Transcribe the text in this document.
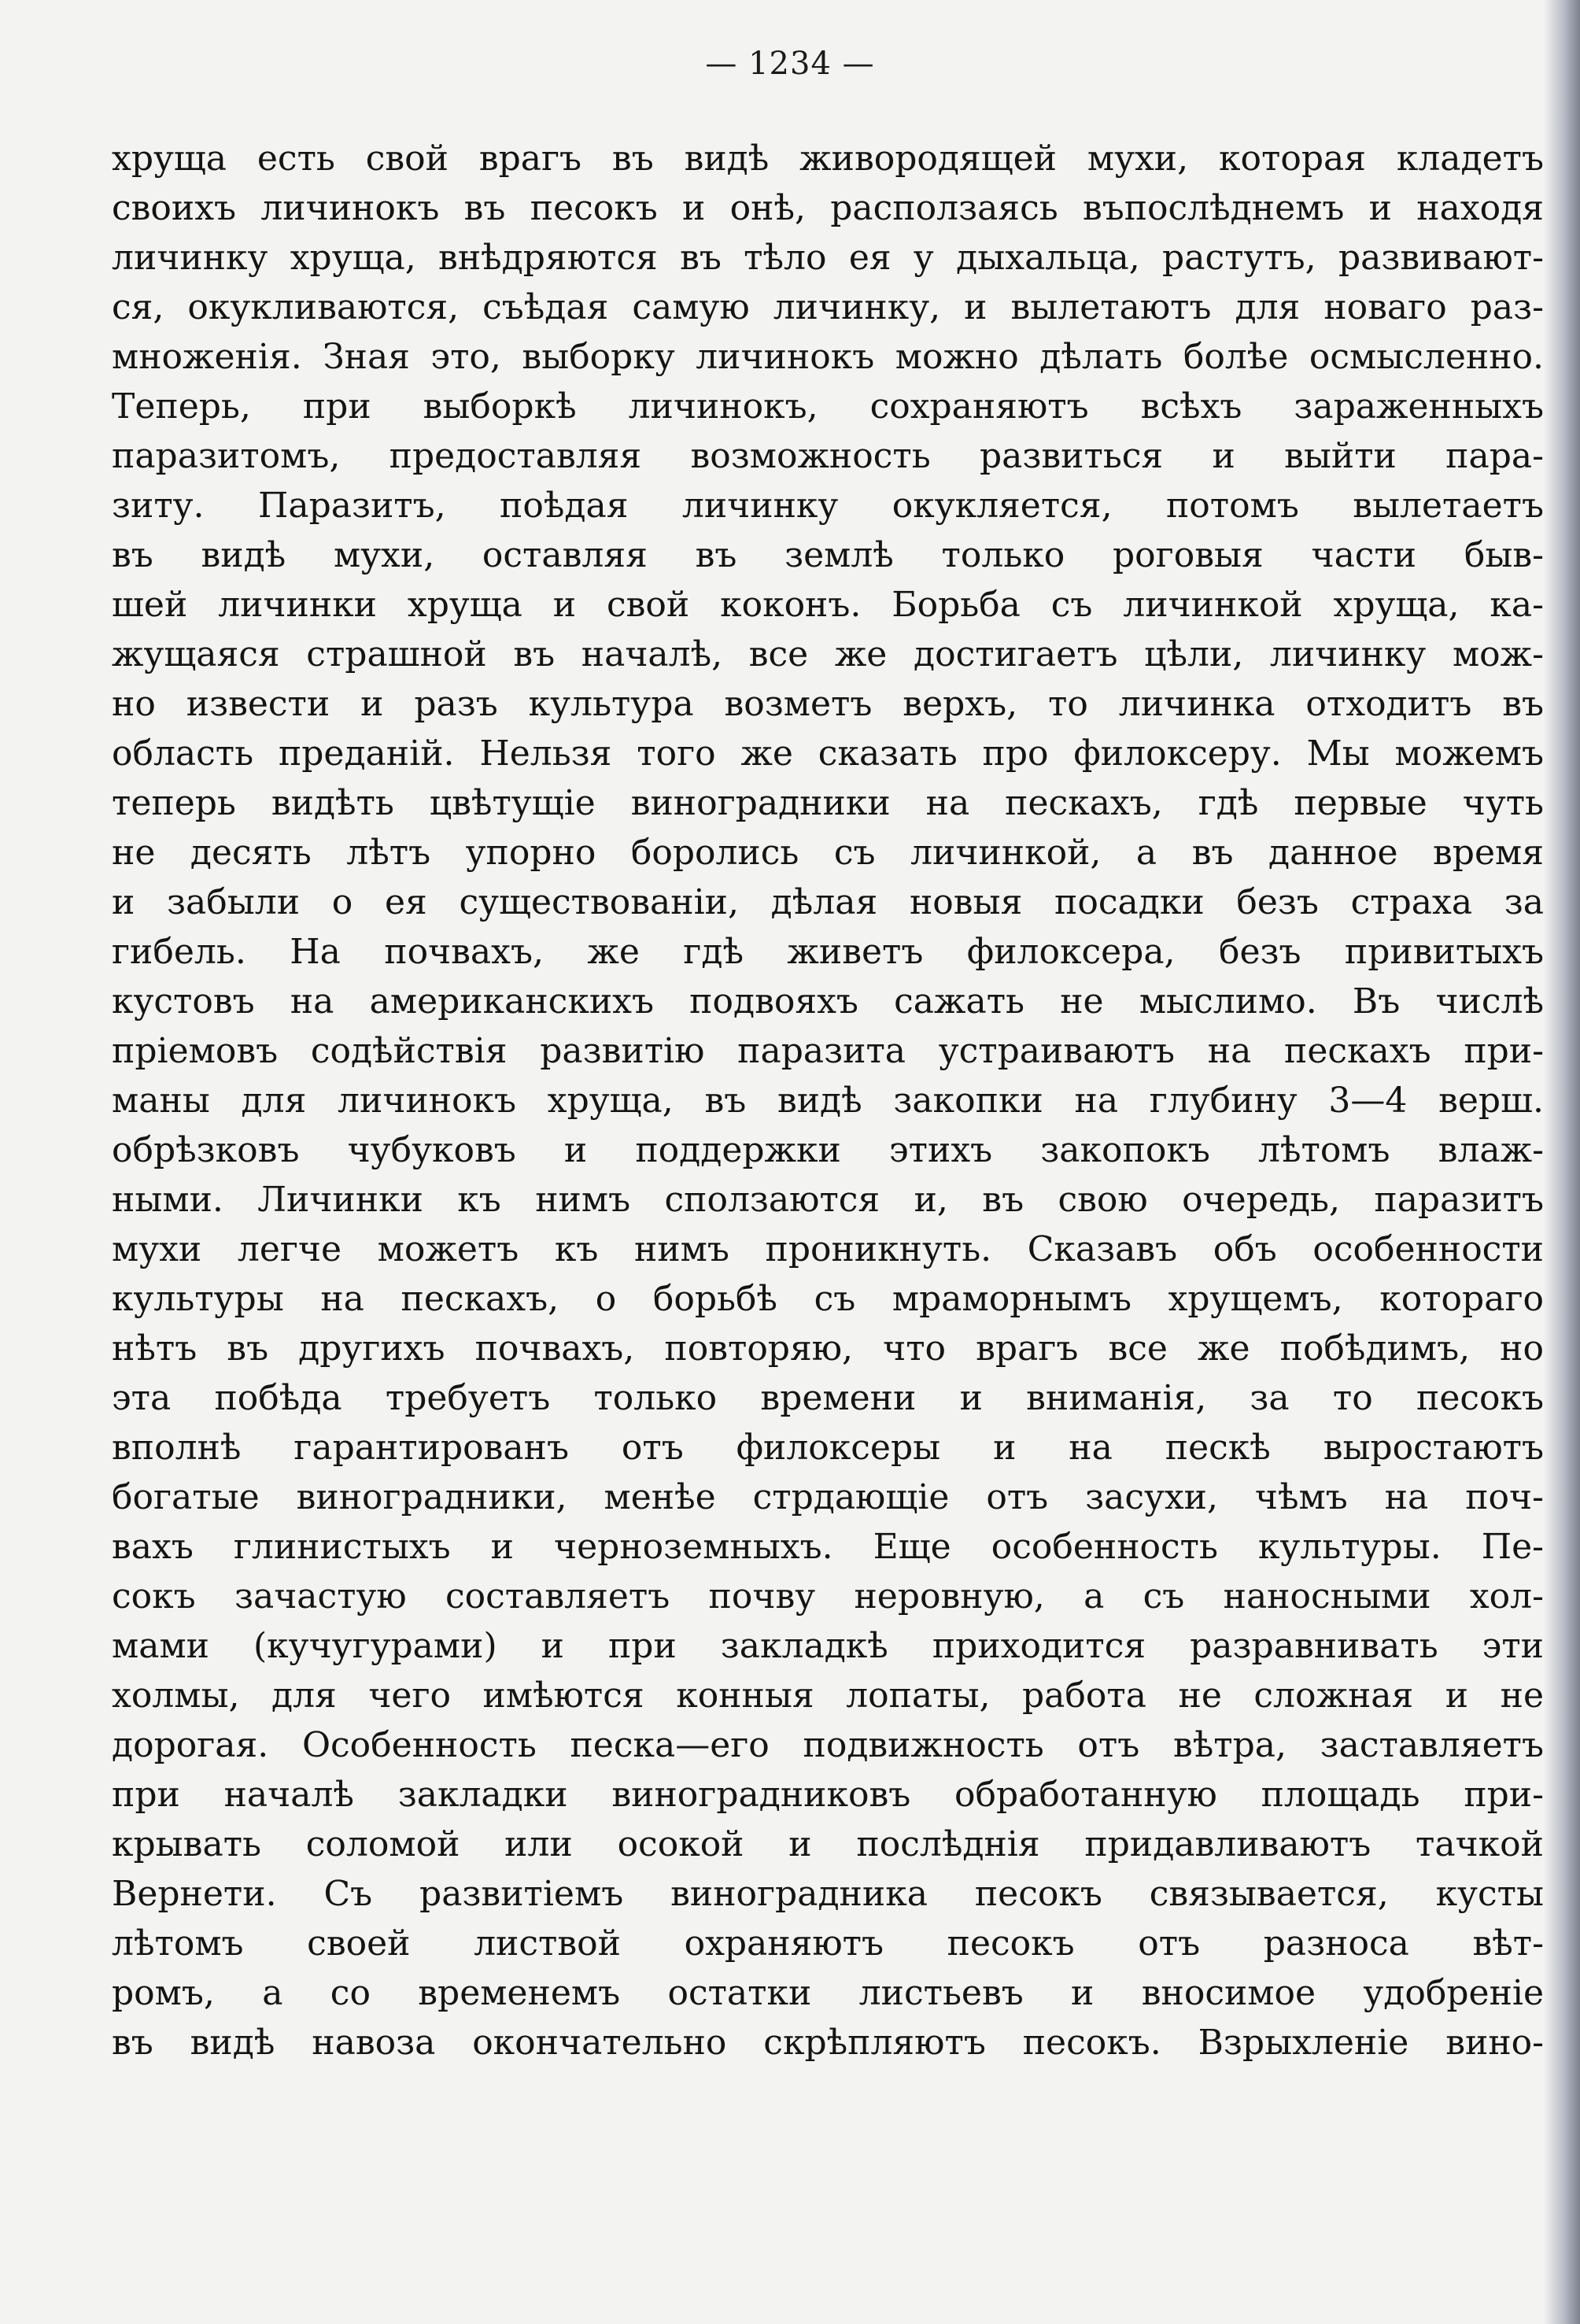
— 1234 —
хруща есть свой врагъ въ видѣ живородящей мухи, которая кладетъ
своихъ личинокъ въ песокъ и онѣ, расползаясь въпослѣднемъ и находя
личинку хруща, внѣдряются въ тѣло ея у дыхальца, растутъ, развивают-
ся, окукливаются, съѣдая самую личинку, и вылетаютъ для новаго раз-
множенія. Зная это, выборку личинокъ можно дѣлать болѣе осмысленно.
Теперь, при выборкѣ личинокъ, сохраняютъ всѣхъ зараженныхъ
паразитомъ, предоставляя возможность развиться и выйти пара-
зиту. Паразитъ, поѣдая личинку окукляется, потомъ вылетаетъ
въ видѣ мухи, оставляя въ землѣ только роговыя части быв-
шей личинки хруща и свой коконъ. Борьба съ личинкой хруща, ка-
жущаяся страшной въ началѣ, все же достигаетъ цѣли, личинку мож-
но извести и разъ культура возметъ верхъ, то личинка отходитъ въ
область преданій. Нельзя того же сказать про филоксеру. Мы можемъ
теперь видѣть цвѣтущіе виноградники на пескахъ, гдѣ первые чуть
не десять лѣтъ упорно боролись съ личинкой, а въ данное время
и забыли о ея существованіи, дѣлая новыя посадки безъ страха за
гибель. На почвахъ, же гдѣ живетъ филоксера, безъ привитыхъ
кустовъ на американскихъ подвояхъ сажать не мыслимо. Въ числѣ
пріемовъ содѣйствія развитію паразита устраиваютъ на пескахъ при-
маны для личинокъ хруща, въ видѣ закопки на глубину 3—4 верш.
обрѣзковъ чубуковъ и поддержки этихъ закопокъ лѣтомъ влаж-
ными. Личинки къ нимъ сползаются и, въ свою очередь, паразитъ
мухи легче можетъ къ нимъ проникнуть. Сказавъ объ особенности
культуры на пескахъ, о борьбѣ съ мраморнымъ хрущемъ, котораго
нѣтъ въ другихъ почвахъ, повторяю, что врагъ все же побѣдимъ, но
эта побѣда требуетъ только времени и вниманія, за то песокъ
вполнѣ гарантированъ отъ филоксеры и на пескѣ выростаютъ
богатые виноградники, менѣе стрдающіе отъ засухи, чѣмъ на поч-
вахъ глинистыхъ и черноземныхъ. Еще особенность культуры. Пе-
сокъ зачастую составляетъ почву неровную, а съ наносными хол-
мами (кучугурами) и при закладкѣ приходится разравнивать эти
холмы, для чего имѣются конныя лопаты, работа не сложная и не
дорогая. Особенность песка—его подвижность отъ вѣтра, заставляетъ
при началѣ закладки виноградниковъ обработанную площадь при-
крывать соломой или осокой и послѣднія придавливаютъ тачкой
Вернети. Съ развитіемъ виноградника песокъ связывается, кусты
лѣтомъ своей листвой охраняютъ песокъ отъ разноса вѣт-
ромъ, а со временемъ остатки листьевъ и вносимое удобреніе
въ видѣ навоза окончательно скрѣпляютъ песокъ. Взрыхленіе вино-
